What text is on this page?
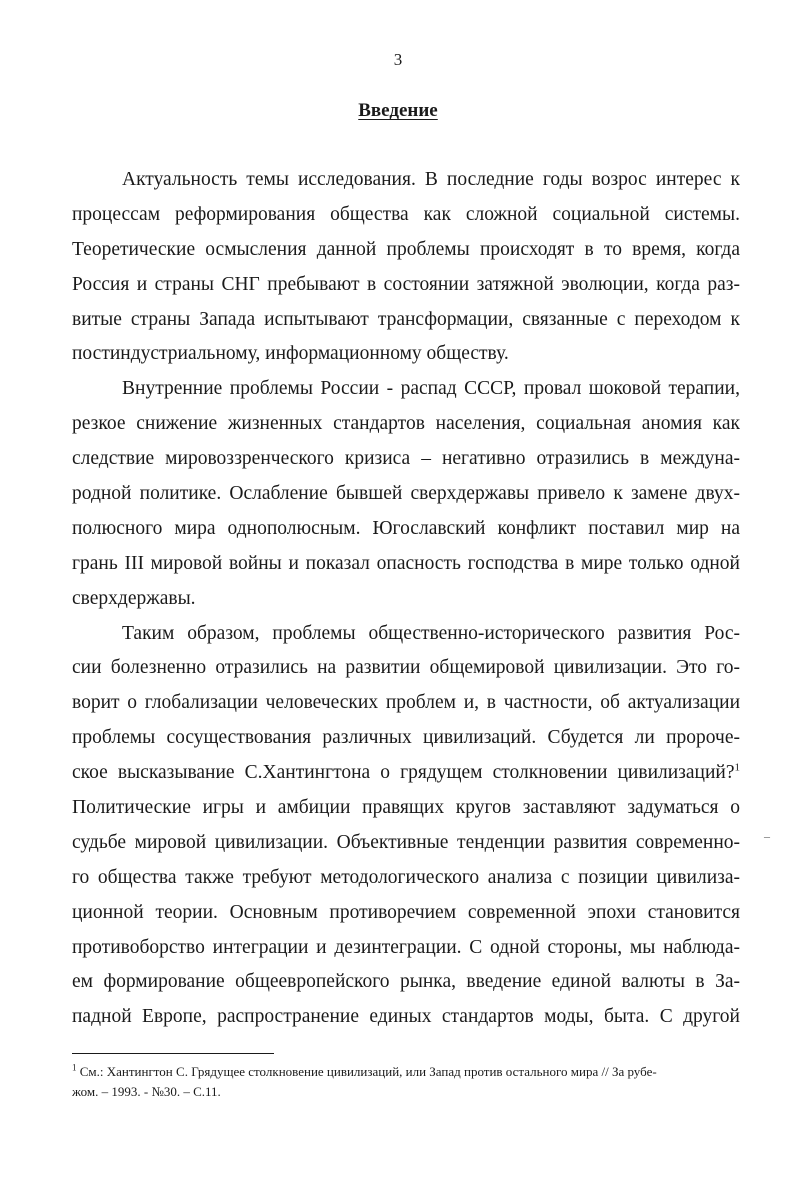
3
Введение
Актуальность темы исследования. В последние годы возрос интерес к
процессам реформирования общества как сложной социальной системы.
Теоретические осмысления данной проблемы происходят в то время, когда
Россия и страны СНГ пребывают в состоянии затяжной эволюции, когда раз-
витые страны Запада испытывают трансформации, связанные с переходом к
постиндустриальному, информационному обществу.
Внутренние проблемы России - распад СССР, провал шоковой терапии,
резкое снижение жизненных стандартов населения, социальная аномия как
следствие мировоззренческого кризиса – негативно отразились в междуна-
родной политике. Ослабление бывшей сверхдержавы привело к замене двух-
полюсного мира однополюсным. Югославский конфликт поставил мир на
грань III мировой войны и показал опасность господства в мире только одной
сверхдержавы.
Таким образом, проблемы общественно-исторического развития Рос-
сии болезненно отразились на развитии общемировой цивилизации. Это го-
ворит о глобализации человеческих проблем и, в частности, об актуализации
проблемы сосуществования различных цивилизаций. Сбудется ли пророче-
ское высказывание С.Хантингтона о грядущем столкновении цивилизаций?$^1$
Политические игры и амбиции правящих кругов заставляют задуматься о
судьбе мировой цивилизации. Объективные тенденции развития современно-
го общества также требуют методологического анализа с позиции цивилиза-
ционной теории. Основным противоречием современной эпохи становится
противоборство интеграции и дезинтеграции. С одной стороны, мы наблюда-
ем формирование общеевропейского рынка, введение единой валюты в За-
падной Европе, распространение единых стандартов моды, быта. С другой
–
$^1$ См.: Хантингтон С. Грядущее столкновение цивилизаций, или Запад против остального мира // За рубе-
жом. – 1993. - №30. – С.11.
